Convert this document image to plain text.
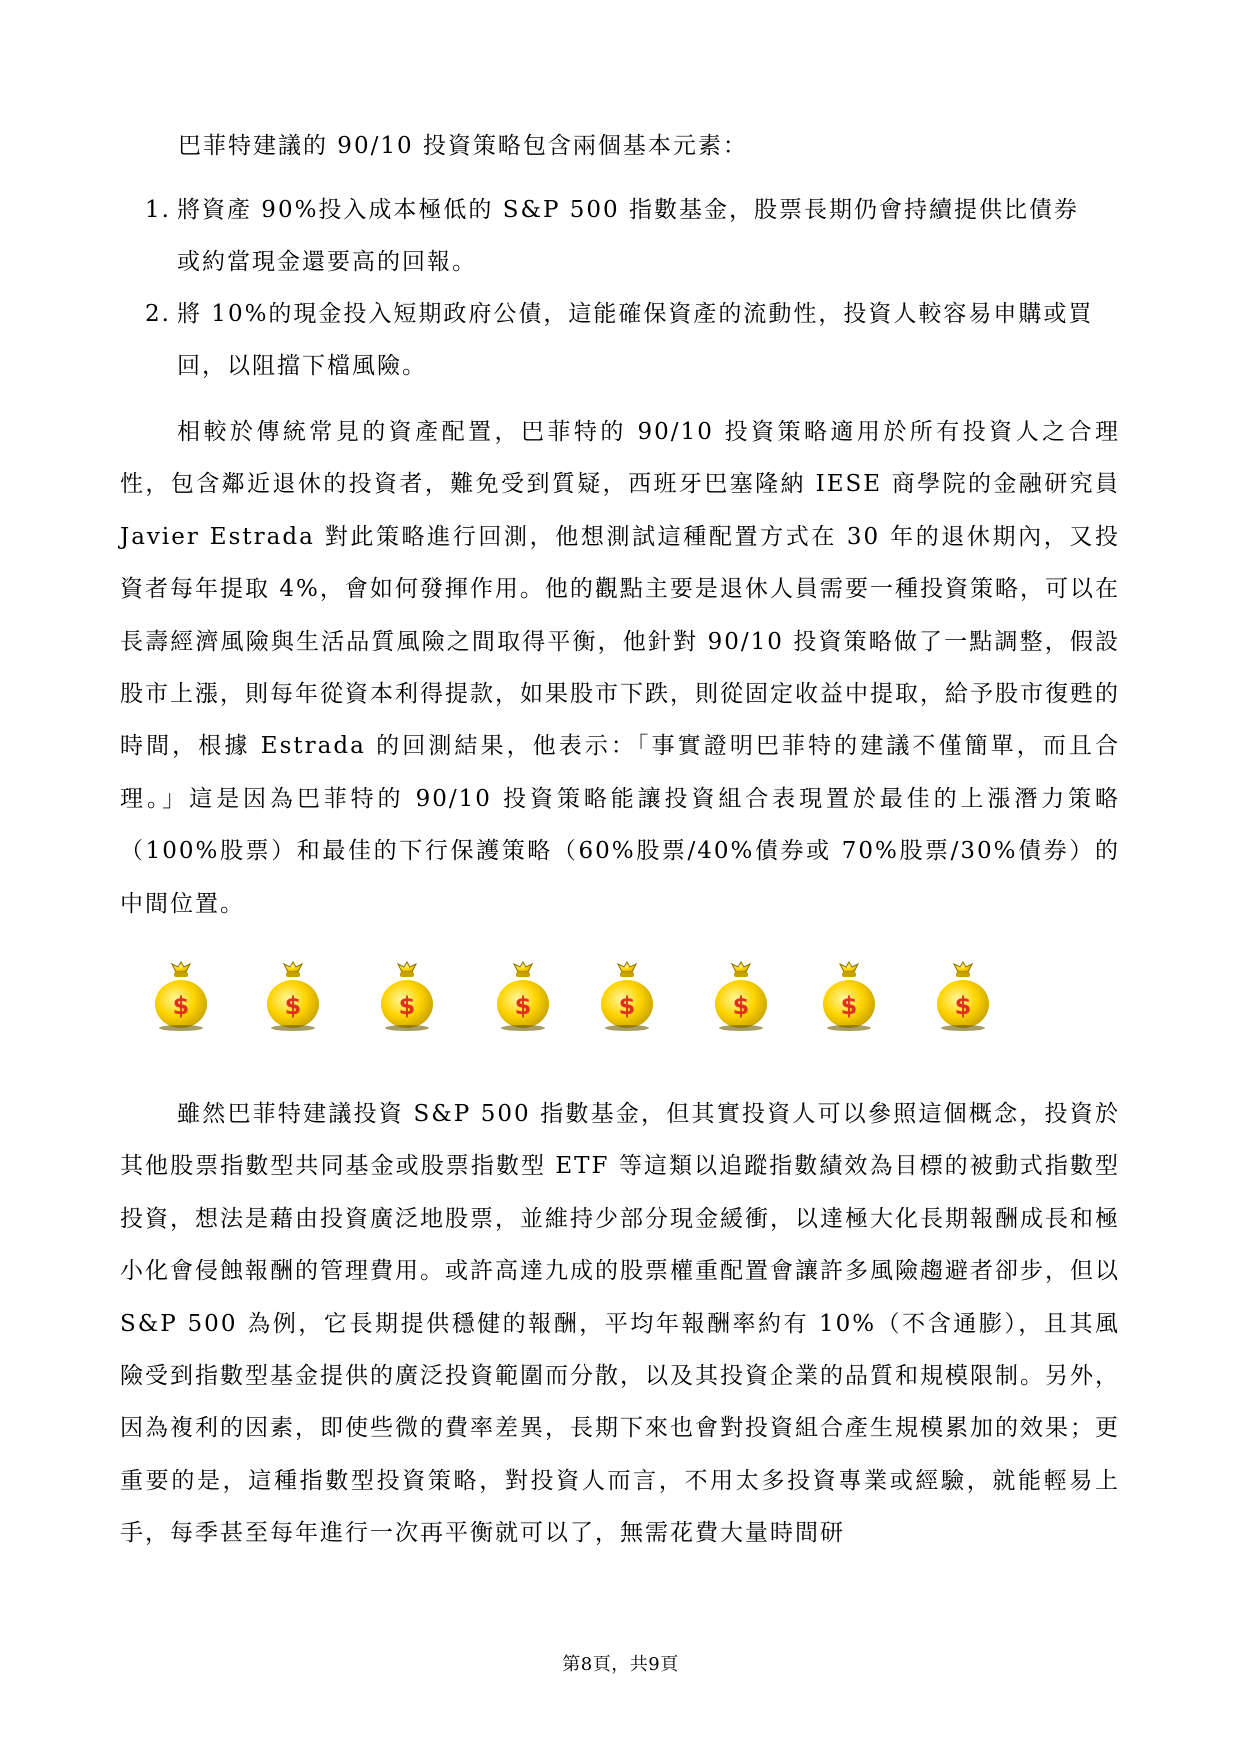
巴菲特建議的 90/10 投資策略包含兩個基本元素：

1. 將資產 90%投入成本極低的 S&P 500 指數基金，股票長期仍會持續提供比債券或約當現金還要高的回報。
2. 將 10%的現金投入短期政府公債，這能確保資產的流動性，投資人較容易申購或買回，以阻擋下檔風險。

相較於傳統常見的資產配置，巴菲特的 90/10 投資策略適用於所有投資人之合理性，包含鄰近退休的投資者，難免受到質疑，西班牙巴塞隆納 IESE 商學院的金融研究員 Javier Estrada 對此策略進行回測，他想測試這種配置方式在 30 年的退休期內，又投資者每年提取 4%，會如何發揮作用。他的觀點主要是退休人員需要一種投資策略，可以在長壽經濟風險與生活品質風險之間取得平衡，他針對 90/10 投資策略做了一點調整，假設股市上漲，則每年從資本利得提款，如果股市下跌，則從固定收益中提取，給予股市復甦的時間，根據 Estrada 的回測結果，他表示：「事實證明巴菲特的建議不僅簡單，而且合理。」這是因為巴菲特的 90/10 投資策略能讓投資組合表現置於最佳的上漲潛力策略（100%股票）和最佳的下行保護策略（60%股票/40%債券或 70%股票/30%債券）的中間位置。

$	$	$	$	$	$	$	$

雖然巴菲特建議投資 S&P 500 指數基金，但其實投資人可以參照這個概念，投資於其他股票指數型共同基金或股票指數型 ETF 等這類以追蹤指數績效為目標的被動式指數型投資，想法是藉由投資廣泛地股票，並維持少部分現金緩衝，以達極大化長期報酬成長和極小化會侵蝕報酬的管理費用。或許高達九成的股票權重配置會讓許多風險趨避者卻步，但以 S&P 500 為例，它長期提供穩健的報酬，平均年報酬率約有 10%（不含通膨），且其風險受到指數型基金提供的廣泛投資範圍而分散，以及其投資企業的品質和規模限制。另外，因為複利的因素，即使些微的費率差異，長期下來也會對投資組合產生規模累加的效果；更重要的是，這種指數型投資策略，對投資人而言，不用太多投資專業或經驗，就能輕易上手，每季甚至每年進行一次再平衡就可以了，無需花費大量時間研

第8頁，共9頁
